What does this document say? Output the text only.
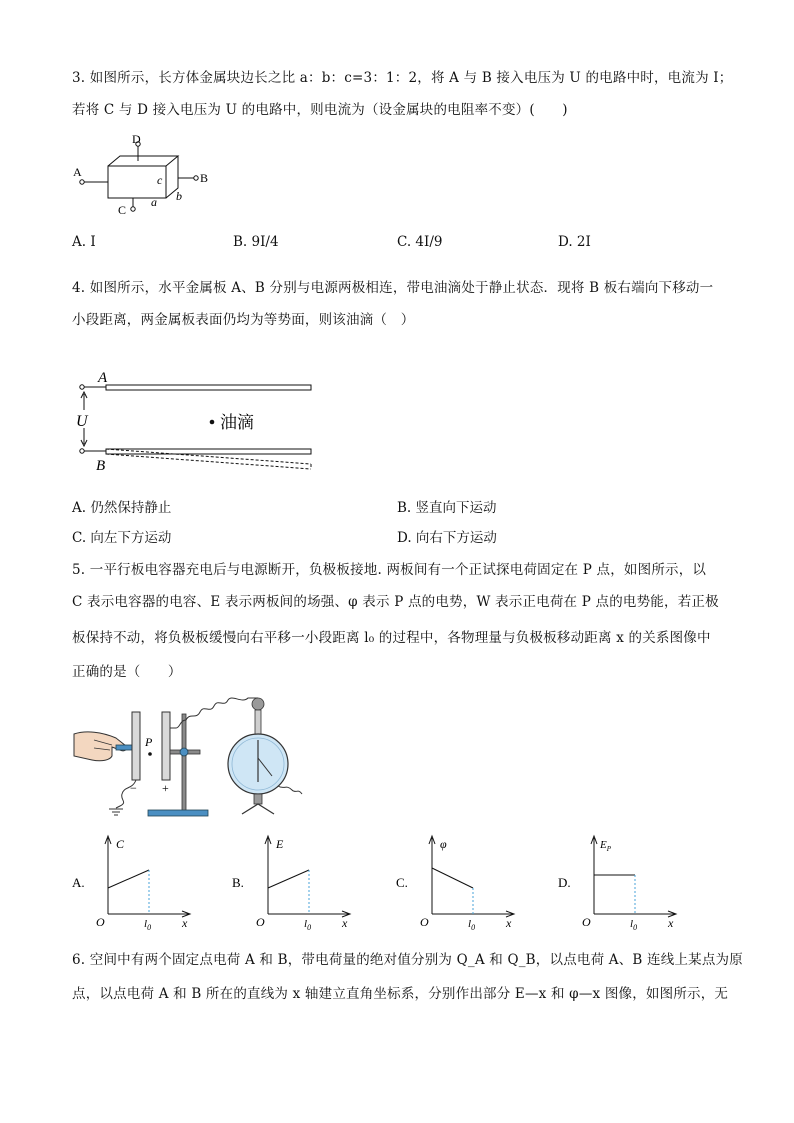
3. 如图所示，长方体金属块边长之比 a：b：c=3：1：2，将 A 与 B 接入电压为 U 的电路中时，电流为 I；
若将 C 与 D 接入电压为 U 的电路中，则电流为（设金属块的电阻率不变）(　　)
A	B
D
C
a b
c
A. I	B. 9I/4	C. 4I/9	D. 2I
4. 如图所示，水平金属板 A、B 分别与电源两极相连，带电油滴处于静止状态．现将 B 板右端向下移动一
小段距离，两金属板表面仍均为等势面，则该油滴（　）
A
B
U	油滴
A. 仍然保持静止	B. 竖直向下运动
C. 向左下方运动	D. 向右下方运动
5. 一平行板电容器充电后与电源断开，负极板接地. 两板间有一个正试探电荷固定在 P 点，如图所示，以
C 表示电容器的电容、E 表示两板间的场强、φ 表示 P 点的电势，W 表示正电荷在 P 点的电势能，若正极
板保持不动，将负极板缓慢向右平移一小段距离 l₀ 的过程中，各物理量与负极板移动距离 x 的关系图像中
正确的是（　　）
−
P
+
A.
C
O	$l_0$	x
B.
E
O	$l_0$	x
C.
φ
O	$l_0$	x
D.
$E_P$
O	$l_0$	x
6. 空间中有两个固定点电荷 A 和 B，带电荷量的绝对值分别为 Q_A 和 Q_B，以点电荷 A、B 连线上某点为原
点，以点电荷 A 和 B 所在的直线为 x 轴建立直角坐标系，分别作出部分 E—x 和 φ—x 图像，如图所示，无
